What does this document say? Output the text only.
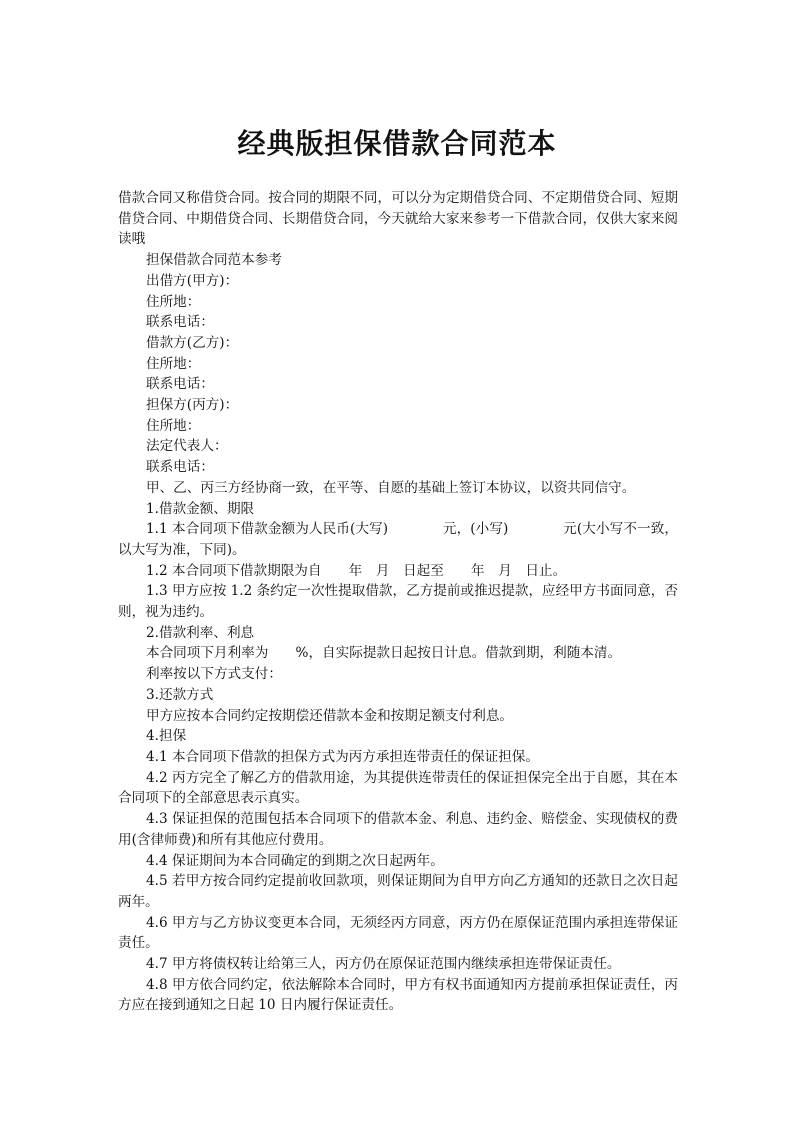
经典版担保借款合同范本

借款合同又称借贷合同。按合同的期限不同，可以分为定期借贷合同、不定期借贷合同、短期借贷合同、中期借贷合同、长期借贷合同，今天就给大家来参考一下借款合同，仅供大家来阅读哦

担保借款合同范本参考

出借方(甲方)：

住所地：

联系电话：

借款方(乙方)：

住所地：

联系电话：

担保方(丙方)：

住所地：

法定代表人：

联系电话：

甲、乙、丙三方经协商一致，在平等、自愿的基础上签订本协议，以资共同信守。

1.借款金额、期限

1.1 本合同项下借款金额为人民币(大写)　　　　元，(小写)　　　　元(大小写不一致，以大写为准，下同)。

1.2 本合同项下借款期限为自　　年　月　日起至　　年　月　日止。

1.3 甲方应按 1.2 条约定一次性提取借款，乙方提前或推迟提款，应经甲方书面同意，否则，视为违约。

2.借款利率、利息

本合同项下月利率为　　%，自实际提款日起按日计息。借款到期，利随本清。

利率按以下方式支付：

3.还款方式

甲方应按本合同约定按期偿还借款本金和按期足额支付利息。

4.担保

4.1 本合同项下借款的担保方式为丙方承担连带责任的保证担保。

4.2 丙方完全了解乙方的借款用途，为其提供连带责任的保证担保完全出于自愿，其在本合同项下的全部意思表示真实。

4.3 保证担保的范围包括本合同项下的借款本金、利息、违约金、赔偿金、实现债权的费用(含律师费)和所有其他应付费用。

4.4 保证期间为本合同确定的到期之次日起两年。

4.5 若甲方按合同约定提前收回款项，则保证期间为自甲方向乙方通知的还款日之次日起两年。

4.6 甲方与乙方协议变更本合同，无须经丙方同意，丙方仍在原保证范围内承担连带保证责任。

4.7 甲方将债权转让给第三人，丙方仍在原保证范围内继续承担连带保证责任。

4.8 甲方依合同约定，依法解除本合同时，甲方有权书面通知丙方提前承担保证责任，丙方应在接到通知之日起 10 日内履行保证责任。
